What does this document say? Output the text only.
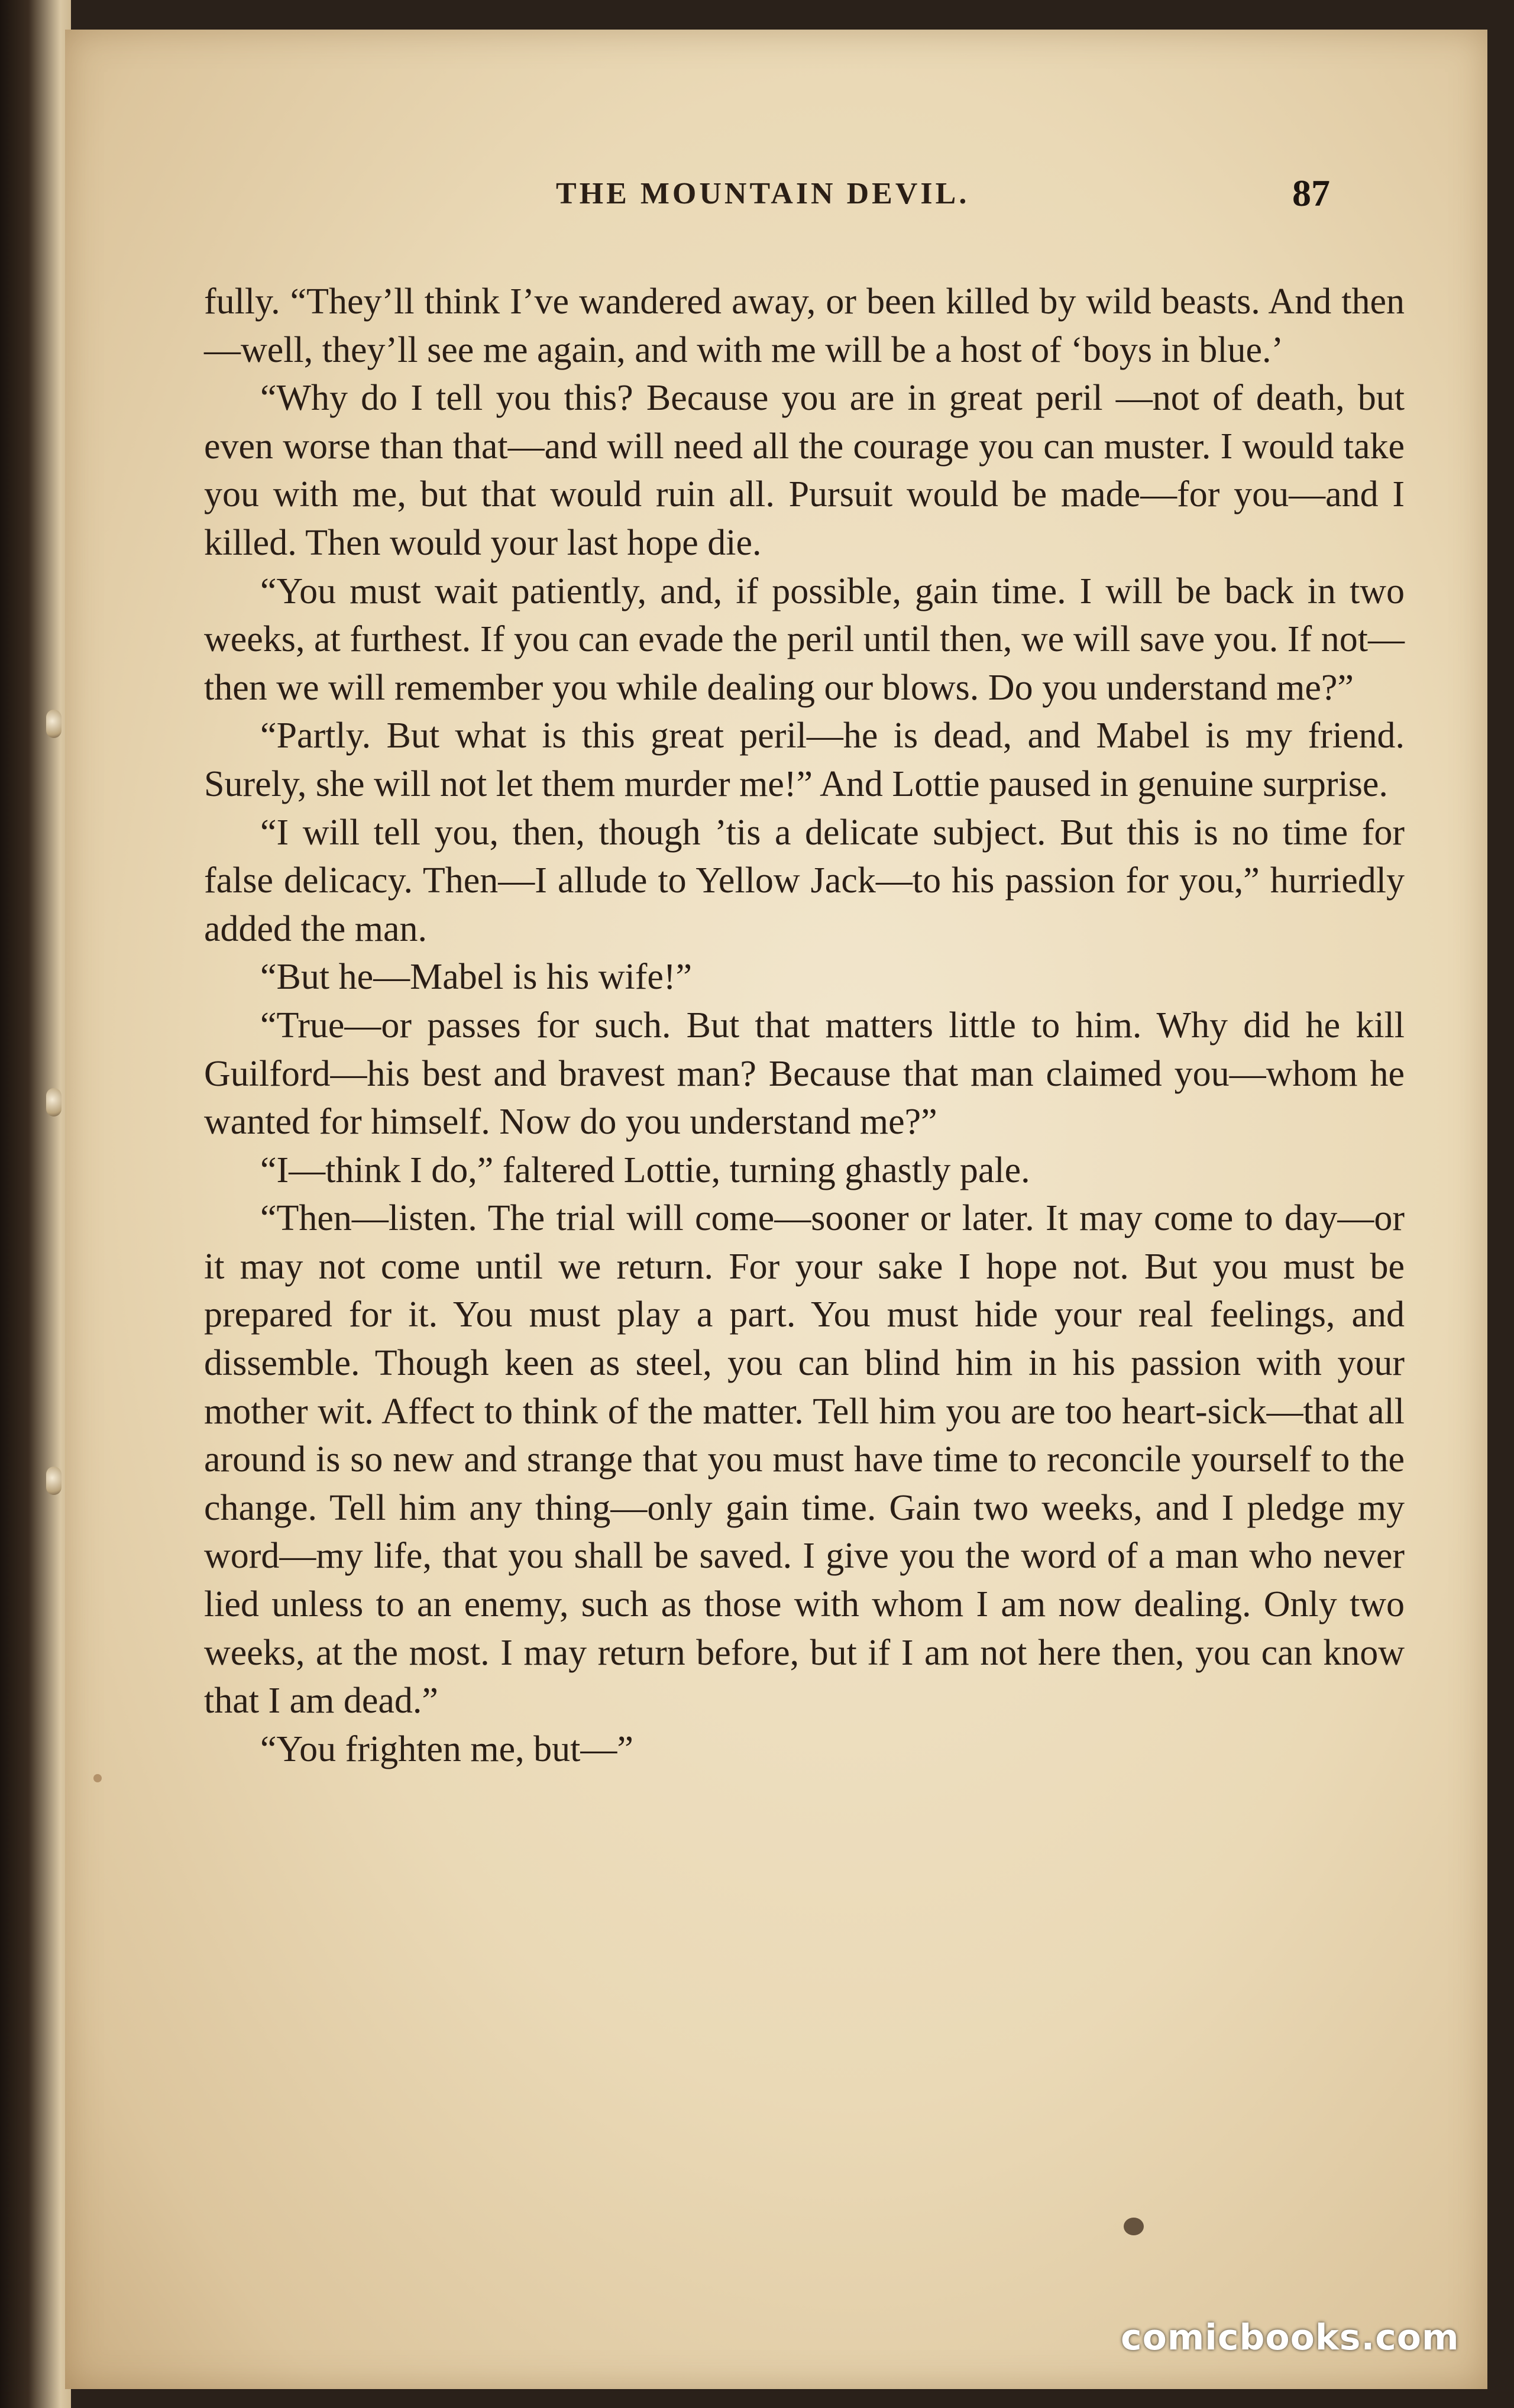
THE MOUNTAIN DEVIL.	87

fully. “They’ll think I’ve wandered away, or been killed by wild beasts. And then—well, they’ll see me again, and with me will be a host of ‘boys in blue.’

“Why do I tell you this? Because you are in great peril —not of death, but even worse than that—and will need all the courage you can muster. I would take you with me, but that would ruin all. Pursuit would be made—for you—and I killed. Then would your last hope die.

“You must wait patiently, and, if possible, gain time. I will be back in two weeks, at furthest. If you can evade the peril until then, we will save you. If not—then we will remember you while dealing our blows. Do you understand me?”

“Partly. But what is this great peril—he is dead, and Mabel is my friend. Surely, she will not let them murder me!” And Lottie paused in genuine surprise.

“I will tell you, then, though ’tis a delicate subject. But this is no time for false delicacy. Then—I allude to Yellow Jack—to his passion for you,” hurriedly added the man.

“But he—Mabel is his wife!”

“True—or passes for such. But that matters little to him. Why did he kill Guilford—his best and bravest man? Because that man claimed you—whom he wanted for himself. Now do you understand me?”

“I—think I do,” faltered Lottie, turning ghastly pale.

“Then—listen. The trial will come—sooner or later. It may come to day—or it may not come until we return. For your sake I hope not. But you must be prepared for it. You must play a part. You must hide your real feelings, and dissemble. Though keen as steel, you can blind him in his passion with your mother wit. Affect to think of the matter. Tell him you are too heart-sick—that all around is so new and strange that you must have time to reconcile yourself to the change. Tell him any thing—only gain time. Gain two weeks, and I pledge my word—my life, that you shall be saved. I give you the word of a man who never lied unless to an enemy, such as those with whom I am now dealing. Only two weeks, at the most. I may return before, but if I am not here then, you can know that I am dead.”

“You frighten me, but—”

comicbooks.com
